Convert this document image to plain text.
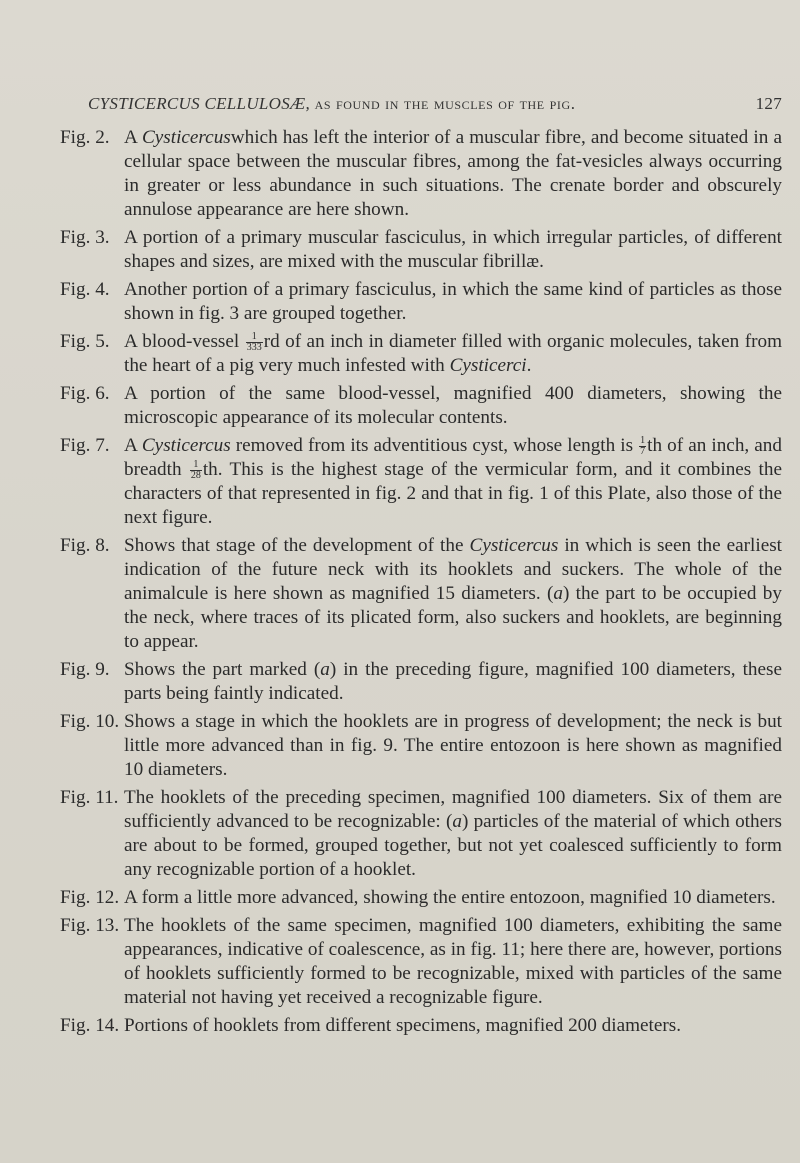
CYSTICERCUS CELLULOSÆ, as found in the muscles of the pig.	127
Fig. 2. A Cysticercuswhich has left the interior of a muscular fibre, and become situated in a cellular space between the muscular fibres, among the fat-vesicles always occurring in greater or less abundance in such situations. The crenate border and obscurely annulose appearance are here shown.
Fig. 3. A portion of a primary muscular fasciculus, in which irregular particles, of different shapes and sizes, are mixed with the muscular fibrillæ.
Fig. 4. Another portion of a primary fasciculus, in which the same kind of particles as those shown in fig. 3 are grouped together.
Fig. 5. A blood-vessel $\frac{1}{333}$ rd of an inch in diameter filled with organic molecules, taken from the heart of a pig very much infested with Cysticerci.
Fig. 6. A portion of the same blood-vessel, magnified 400 diameters, showing the microscopic appearance of its molecular contents.
Fig. 7. A Cysticercus removed from its adventitious cyst, whose length is $\frac{1}{7}$ th of an inch, and breadth $\frac{1}{28}$ th. This is the highest stage of the vermicular form, and it combines the characters of that represented in fig. 2 and that in fig. 1 of this Plate, also those of the next figure.
Fig. 8. Shows that stage of the development of the Cysticercus in which is seen the earliest indication of the future neck with its hooklets and suckers. The whole of the animalcule is here shown as magnified 15 diameters. (a) the part to be occupied by the neck, where traces of its plicated form, also suckers and hooklets, are beginning to appear.
Fig. 9. Shows the part marked (a) in the preceding figure, magnified 100 diameters, these parts being faintly indicated.
Fig. 10. Shows a stage in which the hooklets are in progress of development; the neck is but little more advanced than in fig. 9. The entire entozoon is here shown as magnified 10 diameters.
Fig. 11. The hooklets of the preceding specimen, magnified 100 diameters. Six of them are sufficiently advanced to be recognizable: (a) particles of the material of which others are about to be formed, grouped together, but not yet coalesced sufficiently to form any recognizable portion of a hooklet.
Fig. 12. A form a little more advanced, showing the entire entozoon, magnified 10 diameters.
Fig. 13. The hooklets of the same specimen, magnified 100 diameters, exhibiting the same appearances, indicative of coalescence, as in fig. 11; here there are, however, portions of hooklets sufficiently formed to be recognizable, mixed with particles of the same material not having yet received a recognizable figure.
Fig. 14. Portions of hooklets from different specimens, magnified 200 diameters.
